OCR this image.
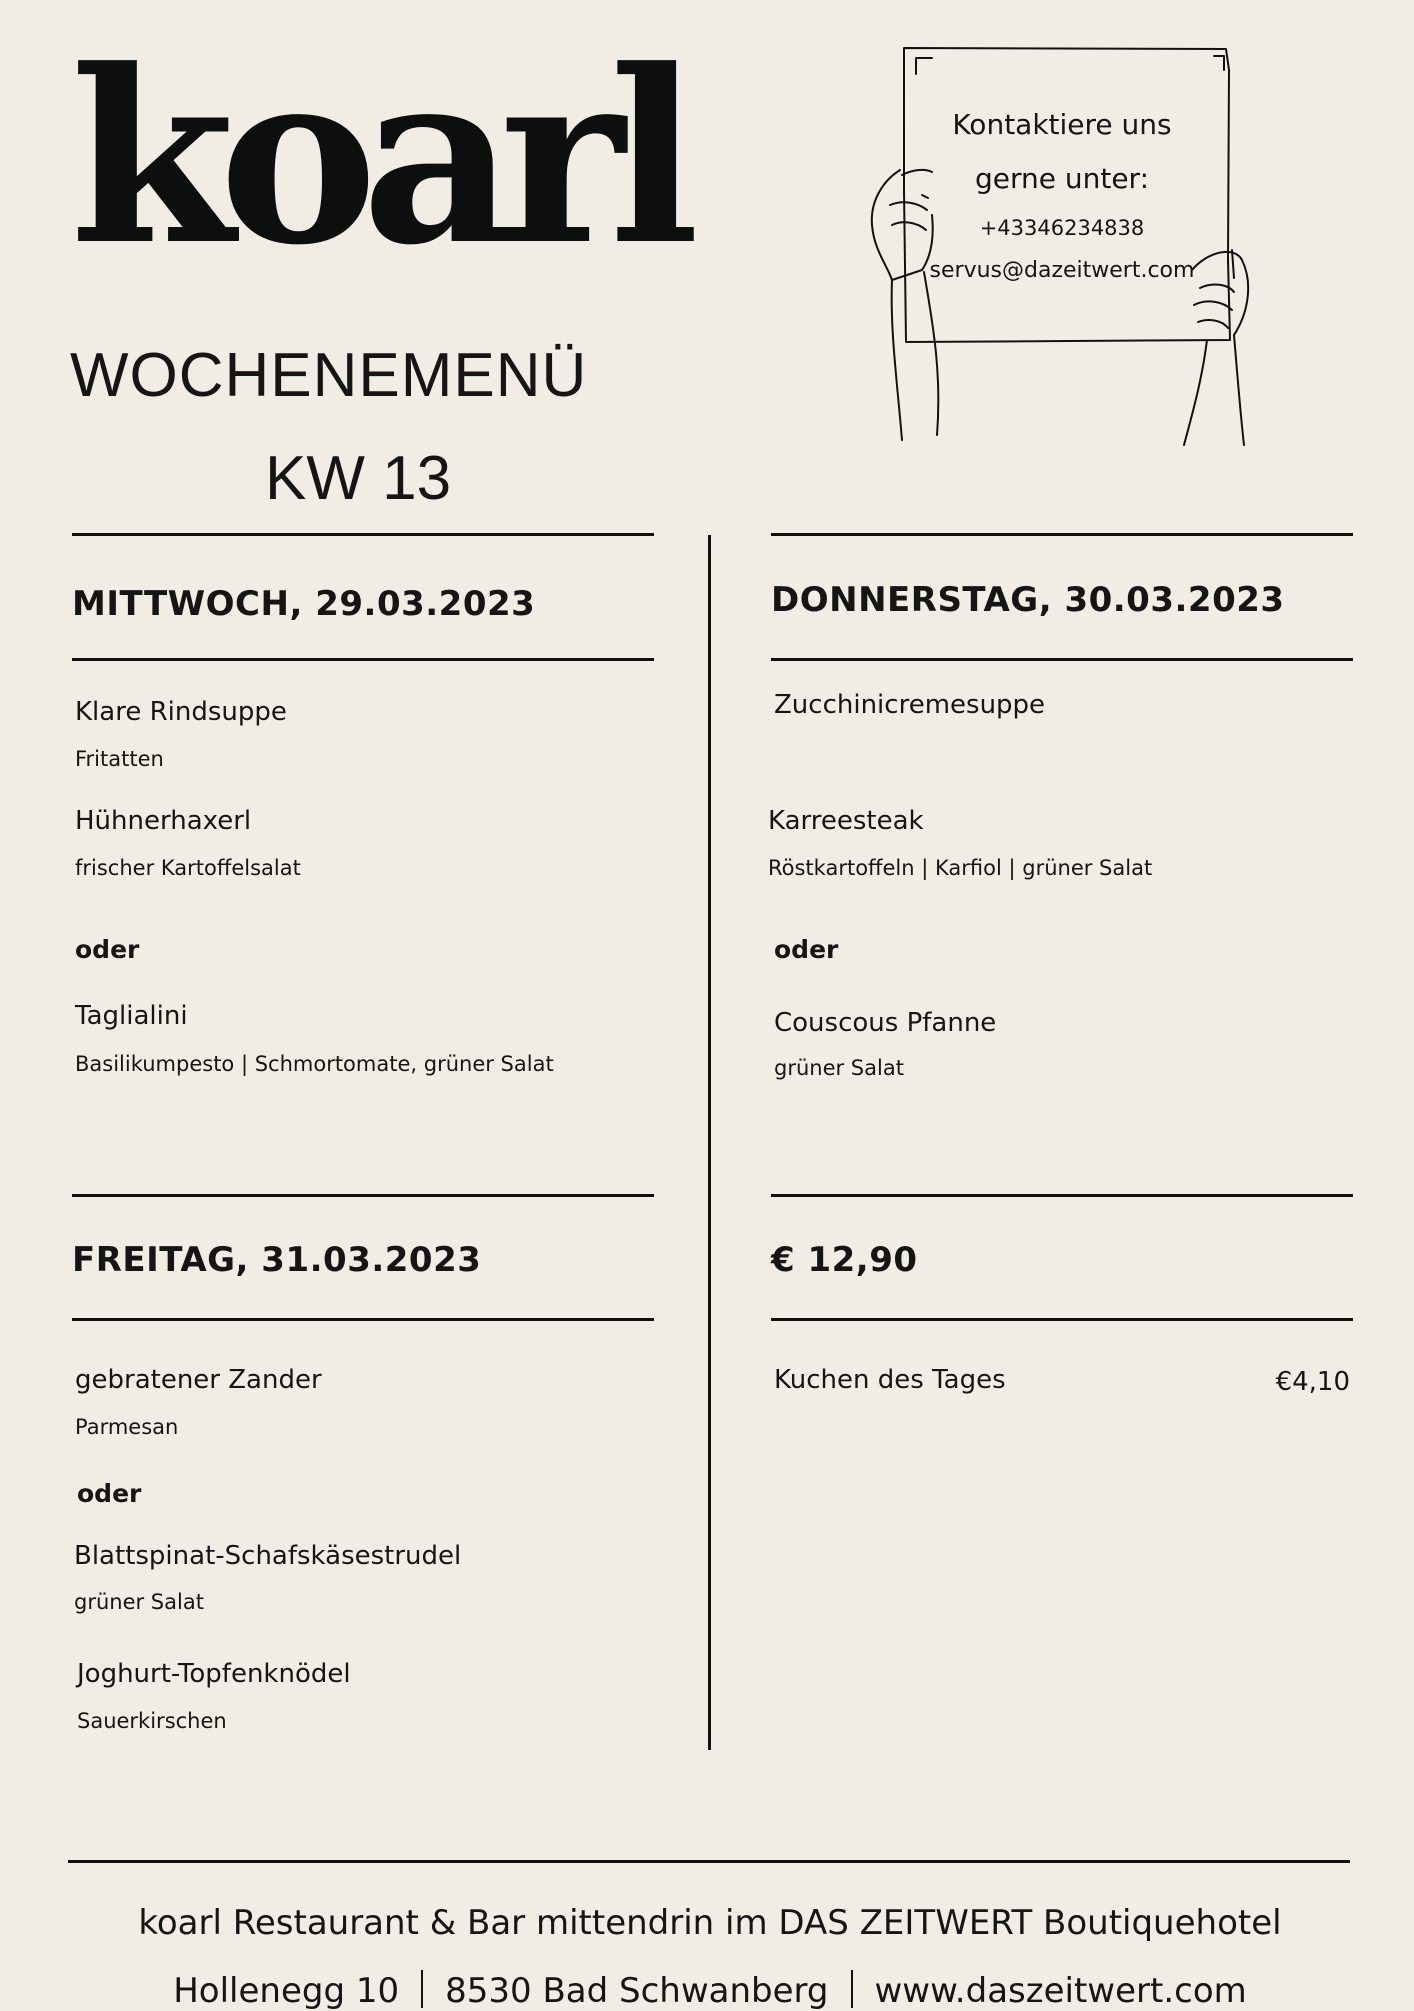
koarl
WOCHENEMENÜ
KW 13
Kontaktiere uns
gerne unter:
+43346234838
servus@dazeitwert.com
MITTWOCH, 29.03.2023
Klare Rindsuppe
Fritatten
Hühnerhaxerl
frischer Kartoffelsalat
oder
Taglialini
Basilikumpesto | Schmortomate, grüner Salat
DONNERSTAG, 30.03.2023
Zucchinicremesuppe
Karreesteak
Röstkartoffeln | Karfiol | grüner Salat
oder
Couscous Pfanne
grüner Salat
FREITAG, 31.03.2023
gebratener Zander
Parmesan
oder
Blattspinat-Schafskäsestrudel
grüner Salat
Joghurt-Topfenknödel
Sauerkirschen
€ 12,90
Kuchen des Tages	€4,10
koarl Restaurant & Bar mittendrin im DAS ZEITWERT Boutiquehotel
Hollenegg 10 8530 Bad Schwanberg www.daszeitwert.com
